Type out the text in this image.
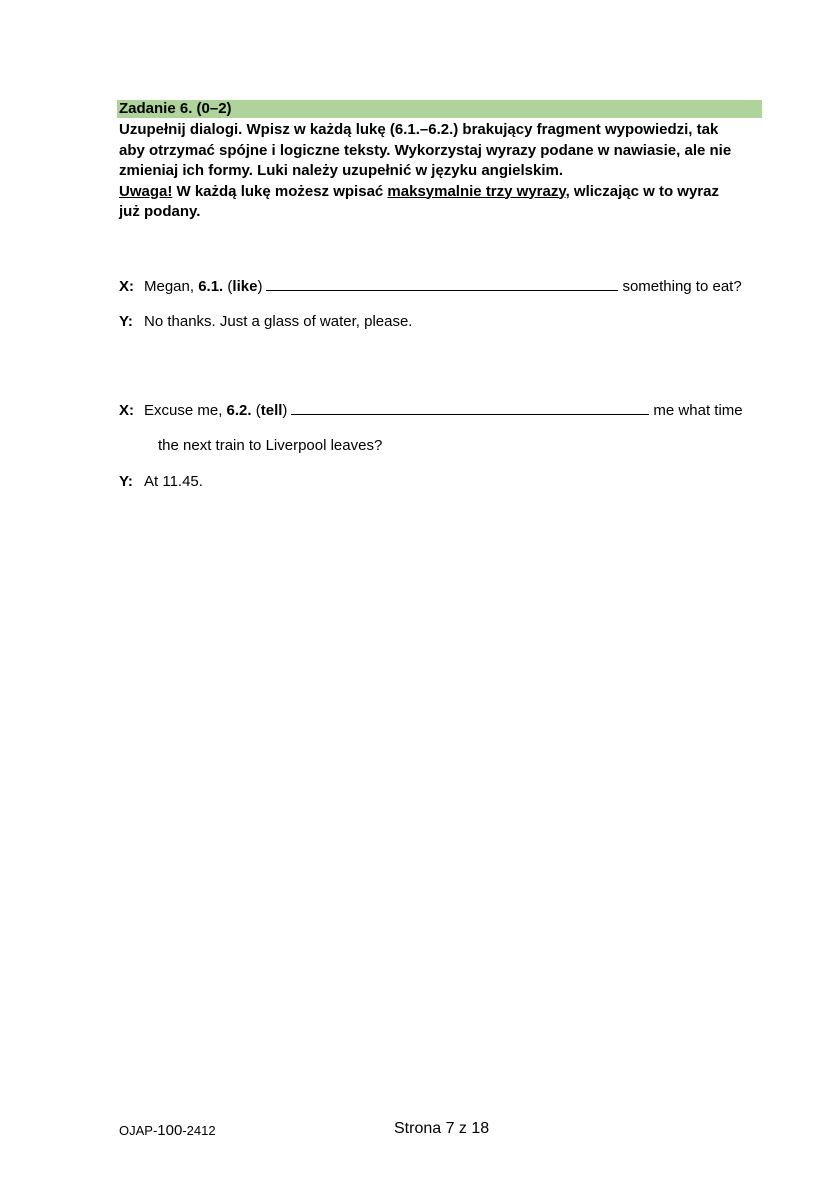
Zadanie 6. (0–2)
Uzupełnij dialogi. Wpisz w każdą lukę (6.1.–6.2.) brakujący fragment wypowiedzi, tak
aby otrzymać spójne i logiczne teksty. Wykorzystaj wyrazy podane w nawiasie, ale nie
zmieniaj ich formy. Luki należy uzupełnić w języku angielskim.
Uwaga! W każdą lukę możesz wpisać maksymalnie trzy wyrazy, wliczając w to wyraz
już podany.
X: Megan, 6.1. (like)	something to eat?
Y: No thanks. Just a glass of water, please.
X: Excuse me, 6.2. (tell)	me what time
the next train to Liverpool leaves?
Y: At 11.45.
OJAP-100-2412	Strona 7 z 18
